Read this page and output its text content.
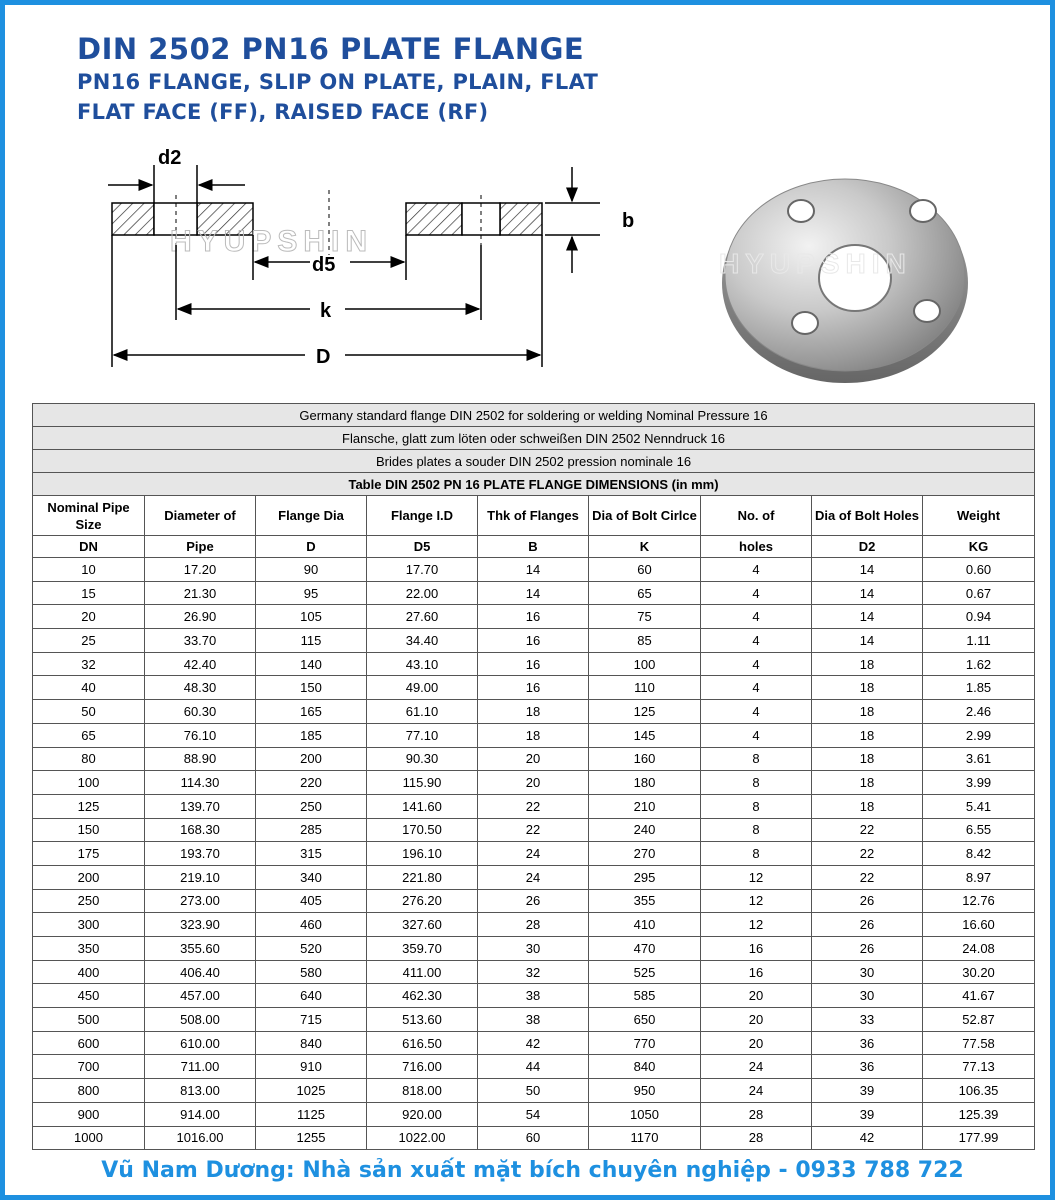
DIN 2502 PN16 PLATE FLANGE
PN16 FLANGE, SLIP ON PLATE, PLAIN, FLAT
FLAT FACE (FF), RAISED FACE (RF)
HYUPSHIN
d2
d5
k
D
b
HYUPSHIN
Germany standard flange DIN 2502 for soldering or welding Nominal Pressure 16								
Flansche, glatt zum löten oder schweißen DIN 2502 Nenndruck 16								
Brides plates a souder DIN 2502 pression nominale 16								
Table DIN 2502 PN 16 PLATE FLANGE DIMENSIONS (in mm)								
Nominal Pipe Size	Diameter of	Flange Dia	Flange I.D	Thk of Flanges	Dia of Bolt Cirlce	No. of	Dia of Bolt Holes	Weight
DN	Pipe	D	D5	B	K	holes	D2	KG
10	17.20	90	17.70	14	60	4	14	0.60
15	21.30	95	22.00	14	65	4	14	0.67
20	26.90	105	27.60	16	75	4	14	0.94
25	33.70	115	34.40	16	85	4	14	1.11
32	42.40	140	43.10	16	100	4	18	1.62
40	48.30	150	49.00	16	110	4	18	1.85
50	60.30	165	61.10	18	125	4	18	2.46
65	76.10	185	77.10	18	145	4	18	2.99
80	88.90	200	90.30	20	160	8	18	3.61
100	114.30	220	115.90	20	180	8	18	3.99
125	139.70	250	141.60	22	210	8	18	5.41
150	168.30	285	170.50	22	240	8	22	6.55
175	193.70	315	196.10	24	270	8	22	8.42
200	219.10	340	221.80	24	295	12	22	8.97
250	273.00	405	276.20	26	355	12	26	12.76
300	323.90	460	327.60	28	410	12	26	16.60
350	355.60	520	359.70	30	470	16	26	24.08
400	406.40	580	411.00	32	525	16	30	30.20
450	457.00	640	462.30	38	585	20	30	41.67
500	508.00	715	513.60	38	650	20	33	52.87
600	610.00	840	616.50	42	770	20	36	77.58
700	711.00	910	716.00	44	840	24	36	77.13
800	813.00	1025	818.00	50	950	24	39	106.35
900	914.00	1125	920.00	54	1050	28	39	125.39
1000	1016.00	1255	1022.00	60	1170	28	42	177.99
Vũ Nam Dương: Nhà sản xuất mặt bích chuyên nghiệp - 0933 788 722
